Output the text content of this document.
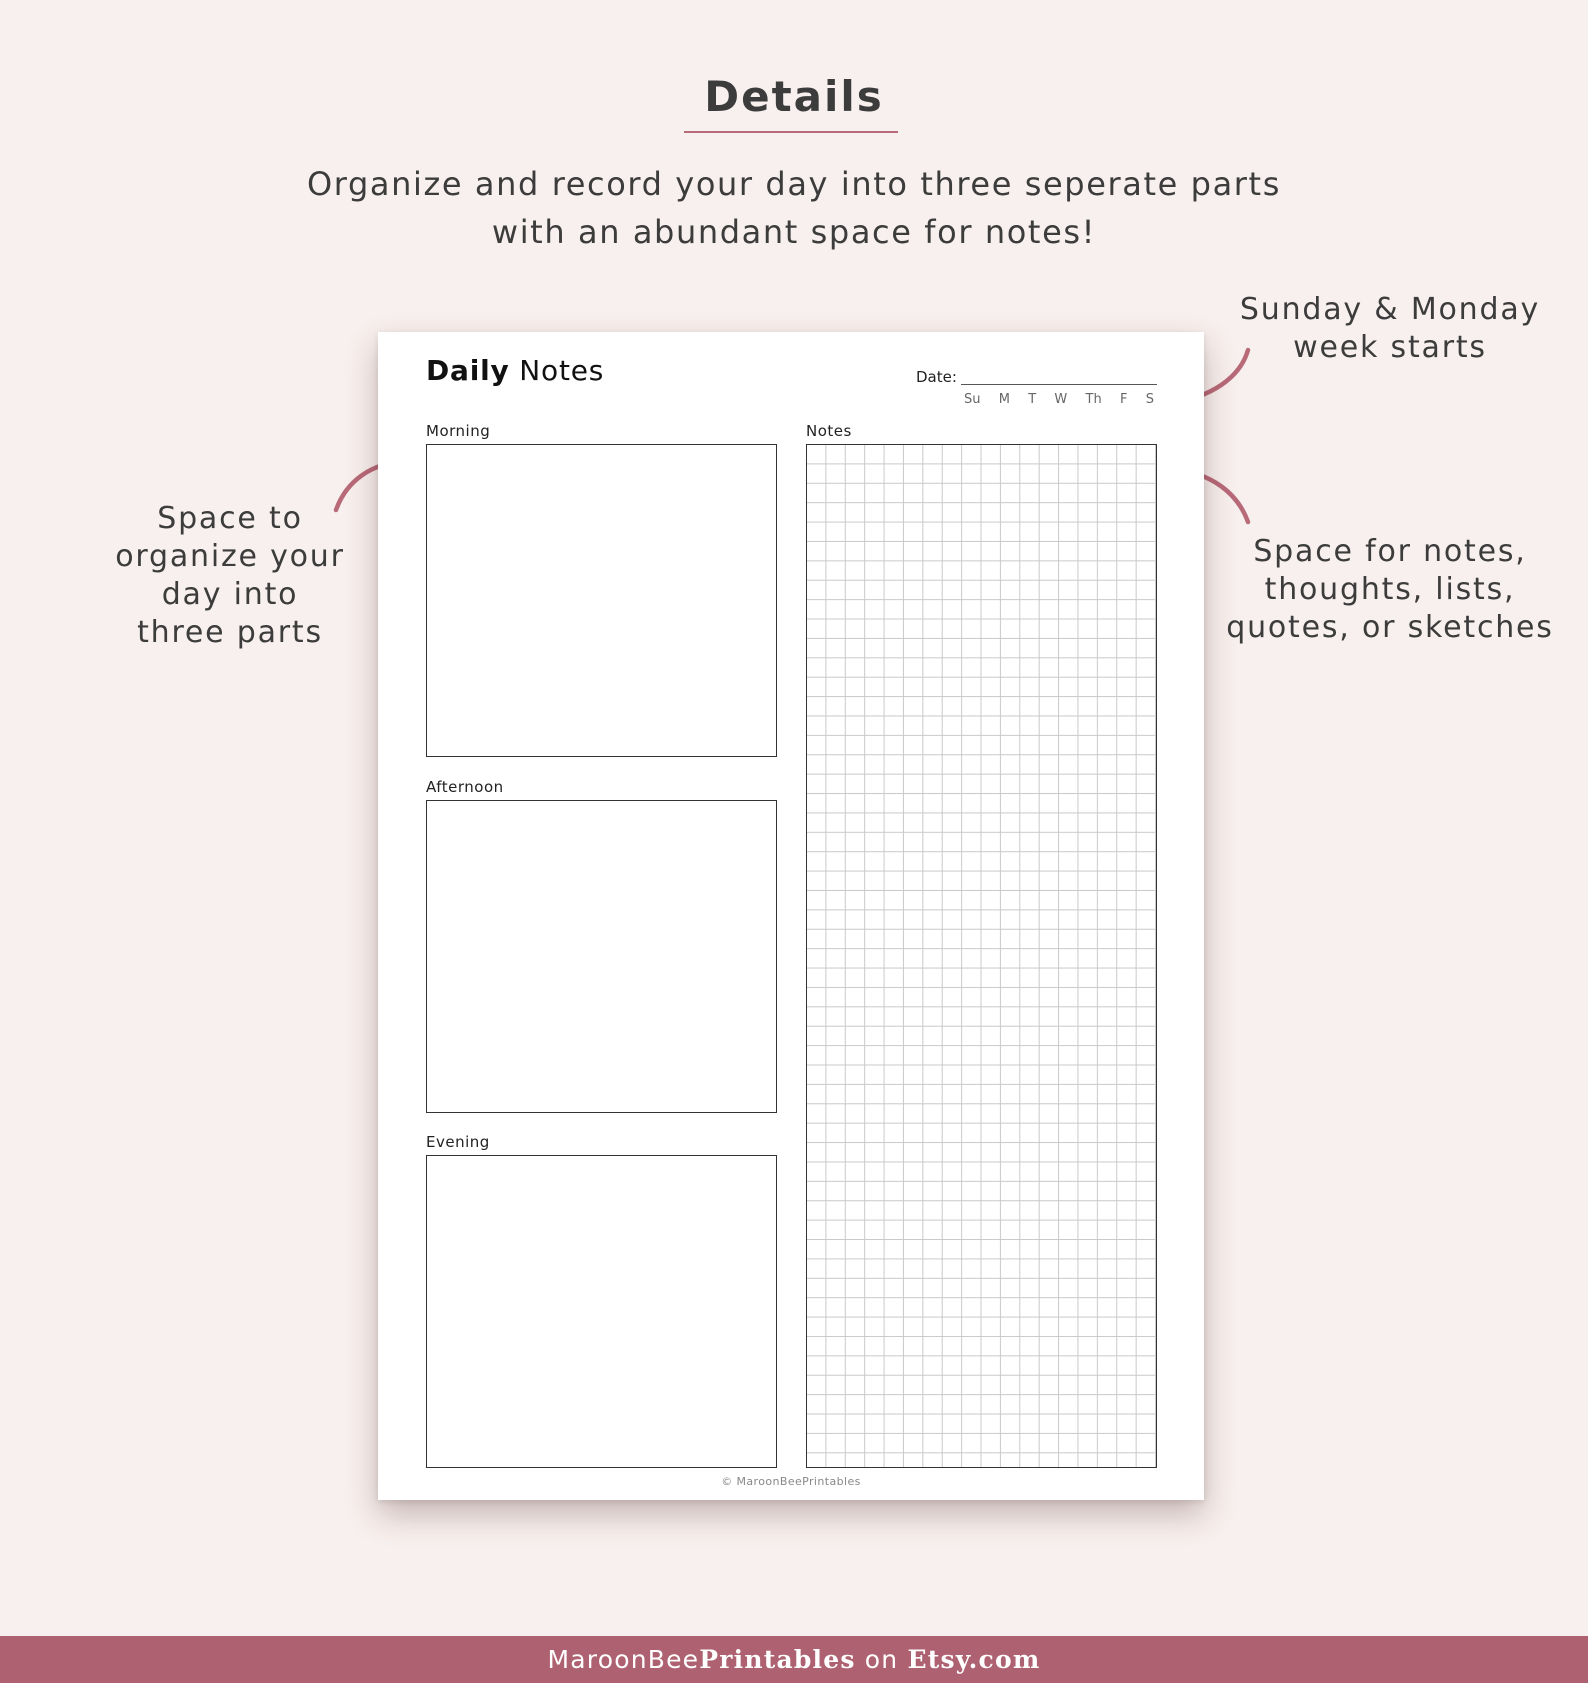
Details
Organize and record your day into three seperate parts
with an abundant space for notes!
Sunday & Monday
week starts
Space to
organize your
day into
three parts
Space for notes,
thoughts, lists,
quotes, or sketches
Daily Notes	Date:
Su M T W Th F S
Morning
Afternoon
Evening
Notes
© MaroonBeePrintables
MaroonBeePrintables on Etsy.com
